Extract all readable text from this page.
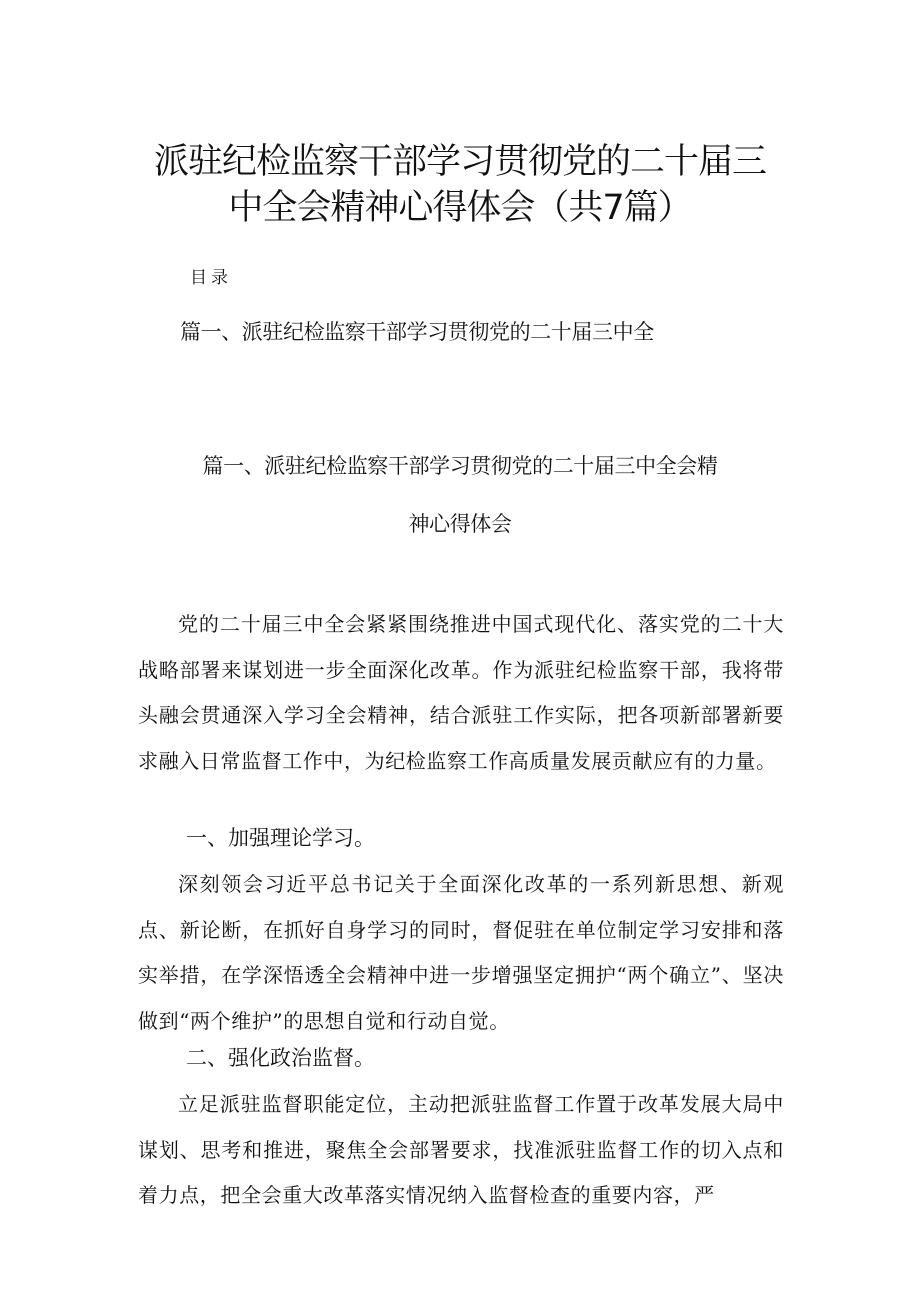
派驻纪检监察干部学习贯彻党的二十届三
中全会精神心得体会（共7篇）
目录
篇一、派驻纪检监察干部学习贯彻党的二十届三中全
篇一、派驻纪检监察干部学习贯彻党的二十届三中全会精
神心得体会

党的二十届三中全会紧紧围绕推进中国式现代化、落实党的二十大战略部署来谋划进一步全面深化改革。作为派驻纪检监察干部，我将带头融会贯通深入学习全会精神，结合派驻工作实际，把各项新部署新要求融入日常监督工作中，为纪检监察工作高质量发展贡献应有的力量。

一、加强理论学习。

深刻领会习近平总书记关于全面深化改革的一系列新思想、新观点、新论断，在抓好自身学习的同时，督促驻在单位制定学习安排和落实举措，在学深悟透全会精神中进一步增强坚定拥护“两个确立”、坚决做到“两个维护”的思想自觉和行动自觉。

二、强化政治监督。

立足派驻监督职能定位，主动把派驻监督工作置于改革发展大局中谋划、思考和推进，聚焦全会部署要求，找准派驻监督工作的切入点和着力点，把全会重大改革落实情况纳入监督检查的重要内容，严
